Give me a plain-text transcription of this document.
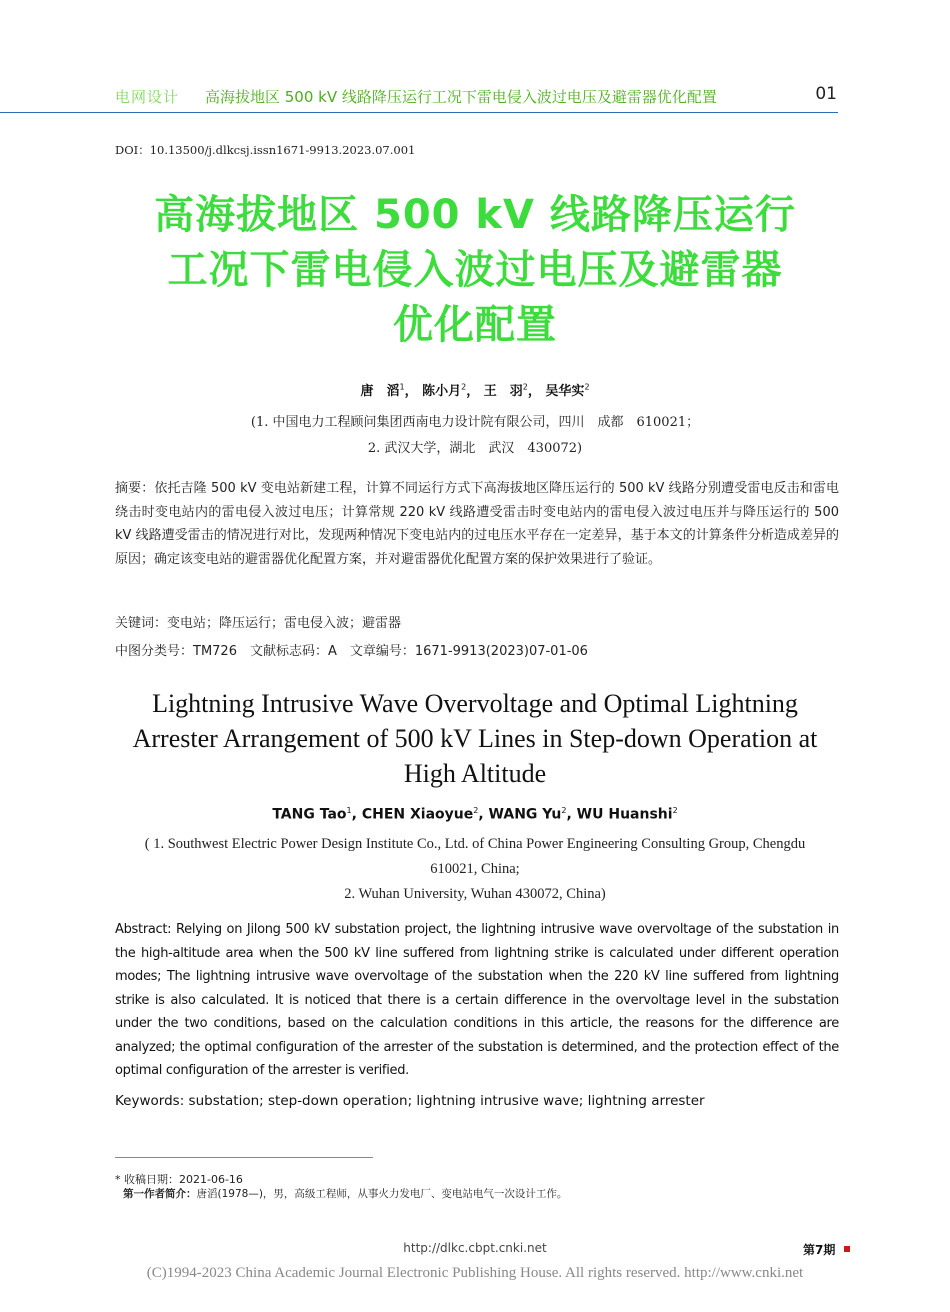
电网设计 高海拔地区 500 kV 线路降压运行工况下雷电侵入波过电压及避雷器优化配置	01
DOI：10.13500/j.dlkcsj.issn1671-9913.2023.07.001
高海拔地区 500 kV 线路降压运行
工况下雷电侵入波过电压及避雷器
优化配置
唐　滔$^1$， 陈小月$^2$， 王　羽$^2$， 吴华实$^2$
(1. 中国电力工程顾问集团西南电力设计院有限公司，四川　成都　610021；
2. 武汉大学，湖北　武汉　430072)
摘要：依托吉隆 500 kV 变电站新建工程，计算不同运行方式下高海拔地区降压运行的 500 kV 线路分别遭受雷电反击和雷电绕击时变电站内的雷电侵入波过电压；计算常规 220 kV 线路遭受雷击时变电站内的雷电侵入波过电压并与降压运行的 500 kV 线路遭受雷击的情况进行对比，发现两种情况下变电站内的过电压水平存在一定差异，基于本文的计算条件分析造成差异的原因；确定该变电站的避雷器优化配置方案，并对避雷器优化配置方案的保护效果进行了验证。
关键词：变电站；降压运行；雷电侵入波；避雷器
中图分类号：TM726　文献标志码：A　文章编号：1671-9913(2023)07-01-06
Lightning Intrusive Wave Overvoltage and Optimal Lightning
Arrester Arrangement of 500 kV Lines in Step-down Operation at
High Altitude
TANG Tao$^1$, CHEN Xiaoyue$^2$, WANG Yu$^2$, WU Huanshi$^2$
( 1. Southwest Electric Power Design Institute Co., Ltd. of China Power Engineering Consulting Group, Chengdu
610021, China;
2. Wuhan University, Wuhan 430072, China)
Abstract: Relying on Jilong 500 kV substation project, the lightning intrusive wave overvoltage of the substation in the high-altitude area when the 500 kV line suffered from lightning strike is calculated under different operation modes; The lightning intrusive wave overvoltage of the substation when the 220 kV line suffered from lightning strike is also calculated. It is noticed that there is a certain difference in the overvoltage level in the substation under the two conditions, based on the calculation conditions in this article, the reasons for the difference are analyzed; the optimal configuration of the arrester of the substation is determined, and the protection effect of the optimal configuration of the arrester is verified.
Keywords: substation; step-down operation; lightning intrusive wave; lightning arrester
* 收稿日期：2021-06-16
第一作者简介：唐滔(1978—)，男，高级工程师，从事火力发电厂、变电站电气一次设计工作。
http://dlkc.cbpt.cnki.net	第7期
(C)1994-2023 China Academic Journal Electronic Publishing House. All rights reserved. http://www.cnki.net
